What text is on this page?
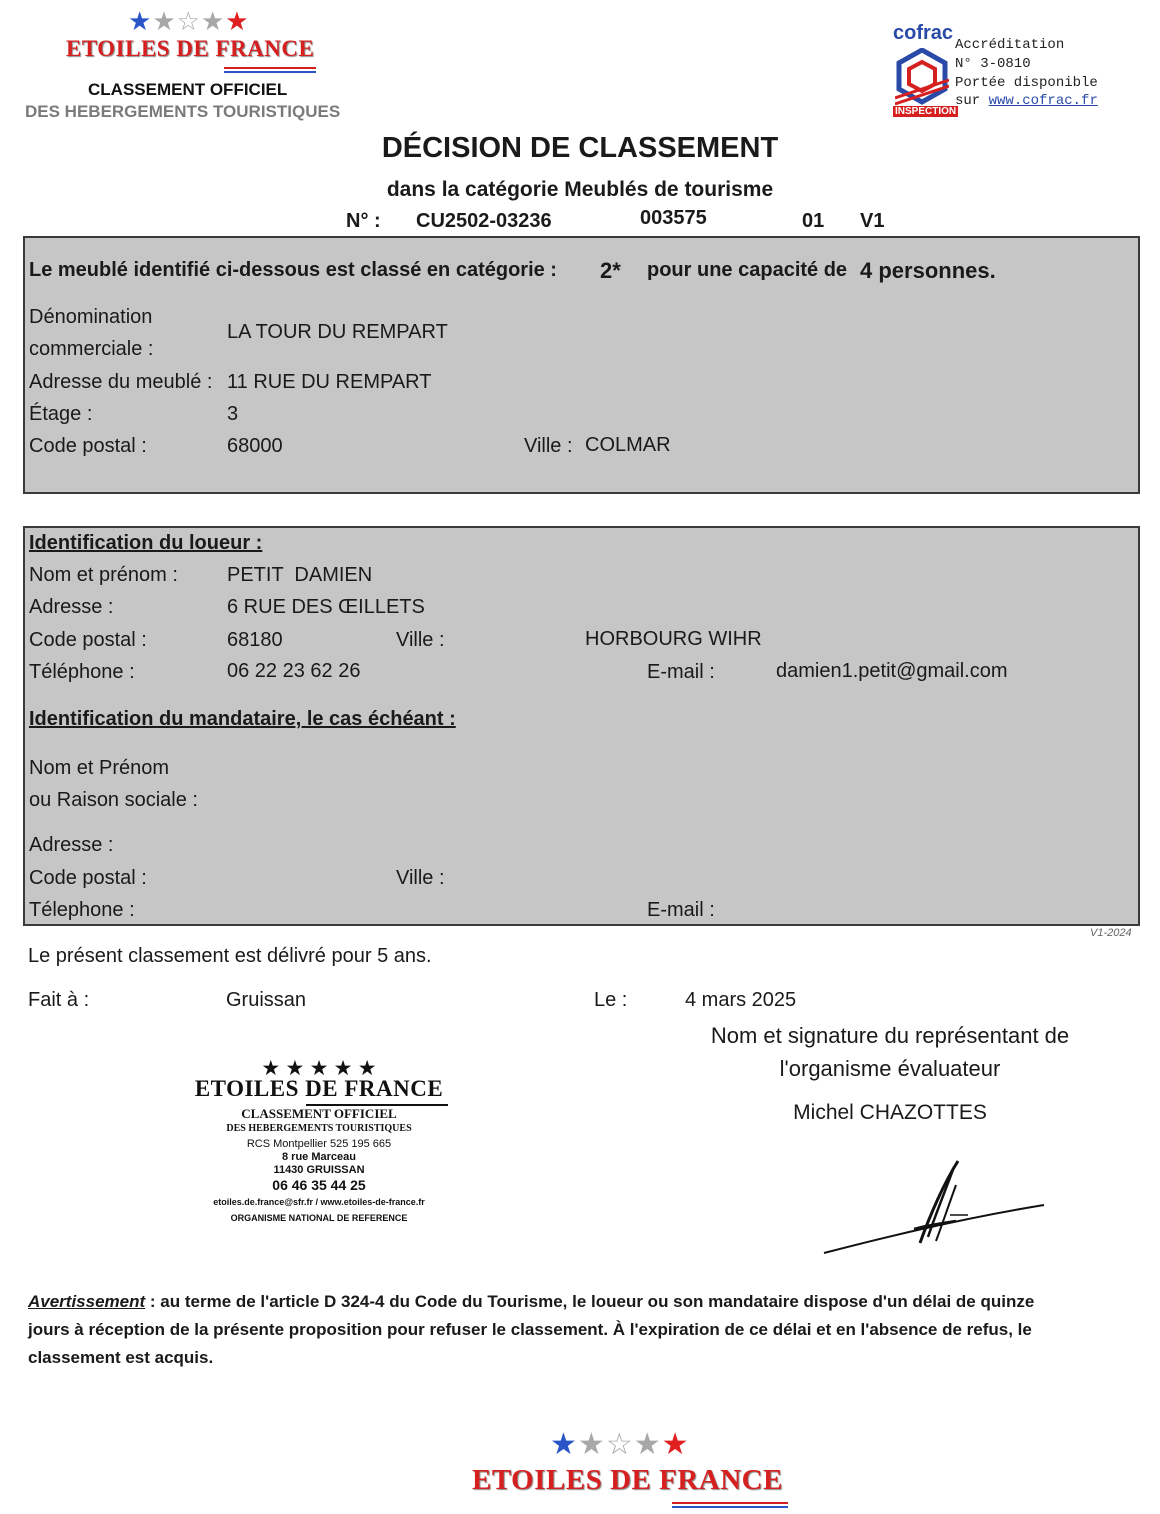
★★☆★★
ETOILES DE FRANCE
CLASSEMENT OFFICIEL
DES HEBERGEMENTS TOURISTIQUES
cofrac
INSPECTION
Accréditation
N° 3-0810
Portée disponible
sur www.cofrac.fr
DÉCISION DE CLASSEMENT
dans la catégorie Meublés de tourisme
N° : CU2502-03236	003575	01 V1
Le meublé identifié ci-dessous est classé en catégorie : 2* pour une capacité de 4 personnes.
Dénomination
commerciale :
LA TOUR DU REMPART
Adresse du meublé : 11 RUE DU REMPART
Étage :	3
Code postal :	68000	Ville : COLMAR
Identification du loueur :
Nom et prénom : PETIT  DAMIEN
Adresse :	6 RUE DES ŒILLETS
Code postal :	68180	Ville :	HORBOURG WIHR
Téléphone :	06 22 23 62 26	E-mail :	damien1.petit@gmail.com
Identification du mandataire, le cas échéant :
Nom et Prénom
ou Raison sociale :
Adresse :
Code postal :	Ville :
Télephone :	E-mail :
V1-2024
Le présent classement est délivré pour 5 ans.
Fait à :	Gruissan	Le :	4 mars 2025
Nom et signature du représentant de
l'organisme évaluateur
Michel CHAZOTTES
★ ★ ★ ★ ★
ETOILES DE FRANCE
CLASSEMENT OFFICIEL
DES HEBERGEMENTS TOURISTIQUES
RCS Montpellier 525 195 665
8 rue Marceau
11430 GRUISSAN
06 46 35 44 25
etoiles.de.france@sfr.fr / www.etoiles-de-france.fr
ORGANISME NATIONAL DE REFERENCE
Avertissement : au terme de l'article D 324-4 du Code du Tourisme, le loueur ou son mandataire dispose d'un délai de quinze
jours à réception de la présente proposition pour refuser le classement. À l'expiration de ce délai et en l'absence de refus, le
classement est acquis.
★★☆★★
ETOILES DE FRANCE
